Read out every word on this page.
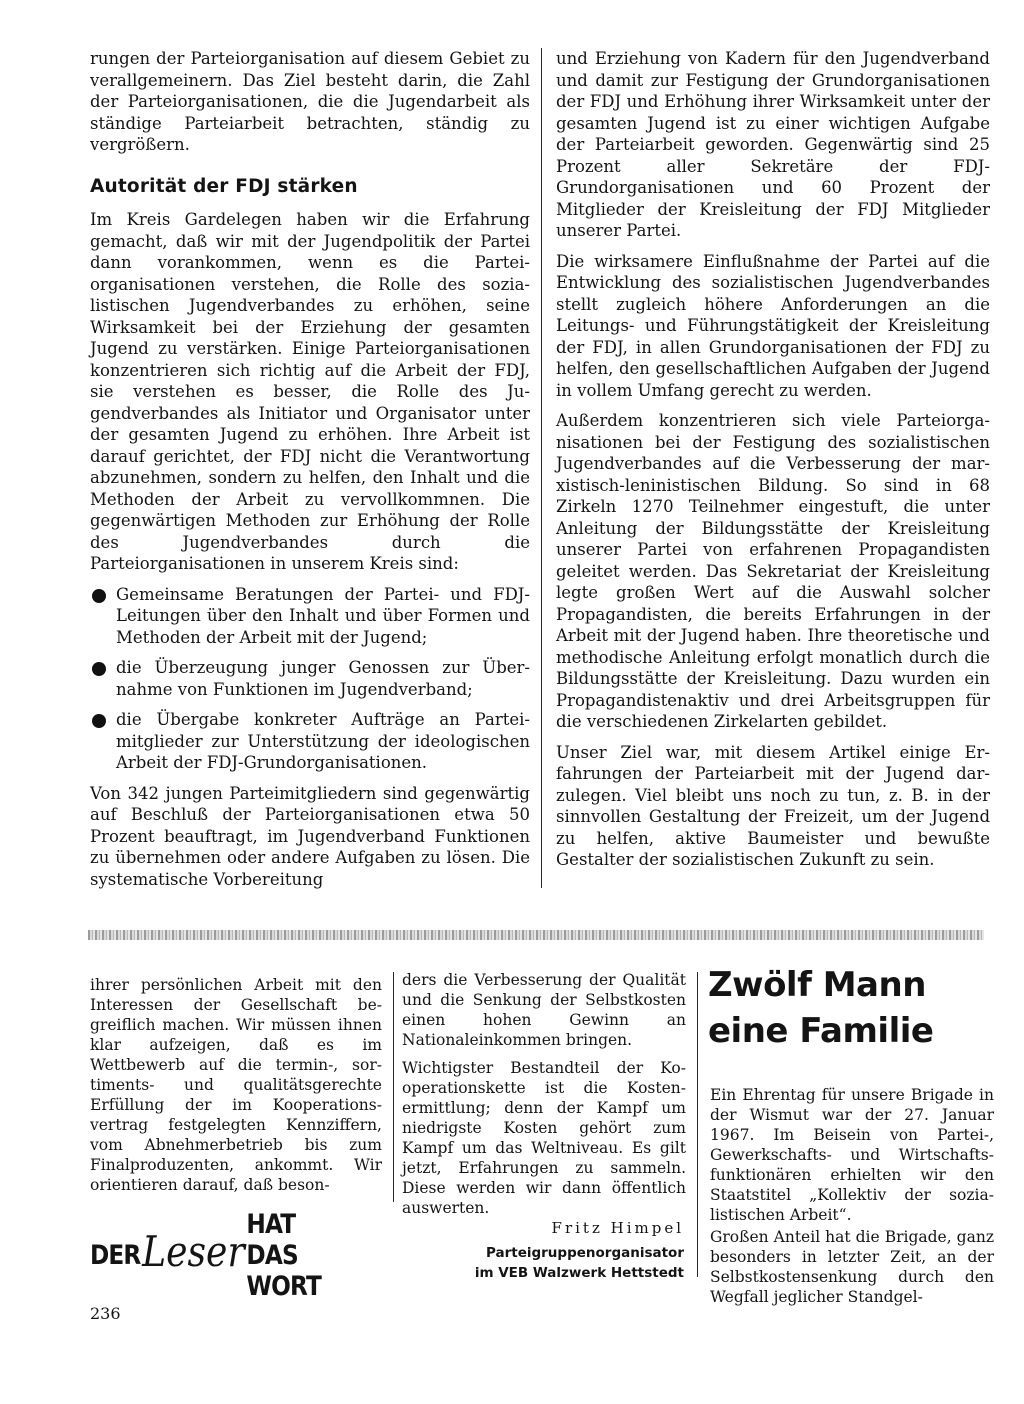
rungen der Parteiorganisation auf diesem Gebiet zu verallgemeinern. Das Ziel besteht darin, die Zahl der Parteiorganisationen, die die Jugendarbeit als ständige Parteiarbeit betrachten, ständig zu vergrößern.

Autorität der FDJ stärken

Im Kreis Gardelegen haben wir die Erfahrung gemacht, daß wir mit der Jugendpolitik der Partei dann vorankommen, wenn es die Parteiorganisationen verstehen, die Rolle des sozialistischen Jugendverbandes zu erhöhen, seine Wirksamkeit bei der Erziehung der gesamten Jugend zu verstärken. Einige Parteiorganisationen konzentrieren sich richtig auf die Arbeit der FDJ, sie verstehen es besser, die Rolle des Jugendverbandes als Initiator und Organisator unter der gesamten Jugend zu erhöhen. Ihre Arbeit ist darauf gerichtet, der FDJ nicht die Verantwortung abzunehmen, sondern zu helfen, den Inhalt und die Methoden der Arbeit zu vervollkommnen. Die gegenwärtigen Methoden zur Erhöhung der Rolle des Jugendverbandes durch die Parteiorganisationen in unserem Kreis sind:

Gemeinsame Beratungen der Partei- und FDJ-Leitungen über den Inhalt und über Formen und Methoden der Arbeit mit der Jugend;

die Überzeugung junger Genossen zur Übernahme von Funktionen im Jugendverband;

die Übergabe konkreter Aufträge an Parteimitglieder zur Unterstützung der ideologischen Arbeit der FDJ-Grundorganisationen.

Von 342 jungen Parteimitgliedern sind gegenwärtig auf Beschluß der Parteiorganisationen etwa 50 Prozent beauftragt, im Jugendverband Funktionen zu übernehmen oder andere Aufgaben zu lösen. Die systematische Vorbereitung

und Erziehung von Kadern für den Jugendverband und damit zur Festigung der Grundorganisationen der FDJ und Erhöhung ihrer Wirksamkeit unter der gesamten Jugend ist zu einer wichtigen Aufgabe der Parteiarbeit geworden. Gegenwärtig sind 25 Prozent aller Sekretäre der FDJ-Grundorganisationen und 60 Prozent der Mitglieder der Kreisleitung der FDJ Mitglieder unserer Partei.

Die wirksamere Einflußnahme der Partei auf die Entwicklung des sozialistischen Jugendverbandes stellt zugleich höhere Anforderungen an die Leitungs- und Führungstätigkeit der Kreisleitung der FDJ, in allen Grundorganisationen der FDJ zu helfen, den gesellschaftlichen Aufgaben der Jugend in vollem Umfang gerecht zu werden.

Außerdem konzentrieren sich viele Parteiorganisationen bei der Festigung des sozialistischen Jugendverbandes auf die Verbesserung der marxistisch-leninistischen Bildung. So sind in 68 Zirkeln 1270 Teilnehmer eingestuft, die unter Anleitung der Bildungsstätte der Kreisleitung unserer Partei von erfahrenen Propagandisten geleitet werden. Das Sekretariat der Kreisleitung legte großen Wert auf die Auswahl solcher Propagandisten, die bereits Erfahrungen in der Arbeit mit der Jugend haben. Ihre theoretische und methodische Anleitung erfolgt monatlich durch die Bildungsstätte der Kreisleitung. Dazu wurden ein Propagandistenaktiv und drei Arbeitsgruppen für die verschiedenen Zirkelarten gebildet.

Unser Ziel war, mit diesem Artikel einige Erfahrungen der Parteiarbeit mit der Jugend darzulegen. Viel bleibt uns noch zu tun, z. B. in der sinnvollen Gestaltung der Freizeit, um der Jugend zu helfen, aktive Baumeister und bewußte Gestalter der sozialistischen Zukunft zu sein.

ihrer persönlichen Arbeit mit den Interessen der Gesellschaft begreiflich machen. Wir müssen ihnen klar aufzeigen, daß es im Wettbewerb auf die termin-, sortiments- und qualitätsgerechte Erfüllung der im Kooperationsvertrag festgelegten Kennziffern, vom Abnehmerbetrieb bis zum Finalproduzenten, ankommt. Wir orientieren darauf, daß beson-

ders die Verbesserung der Qualität und die Senkung der Selbstkosten einen hohen Gewinn an Nationaleinkommen bringen.

Wichtigster Bestandteil der Kooperationskette ist die Kostenermittlung; denn der Kampf um niedrigste Kosten gehört zum Kampf um das Weltniveau. Es gilt jetzt, Erfahrungen zu sammeln. Diese werden wir dann öffentlich auswerten.

Fritz Himpel
Parteigruppenorganisator
im VEB Walzwerk Hettstedt
Zwölf Mann
eine Familie

Ein Ehrentag für unsere Brigade in der Wismut war der 27. Januar 1967. Im Beisein von Partei-, Gewerkschafts- und Wirtschaftsfunktionären erhielten wir den Staatstitel „Kollektiv der sozialistischen Arbeit“.

Großen Anteil hat die Brigade, ganz besonders in letzter Zeit, an der Selbstkostensenkung durch den Wegfall jeglicher Standgel-

DER Leser
HAT DAS WORT
236
